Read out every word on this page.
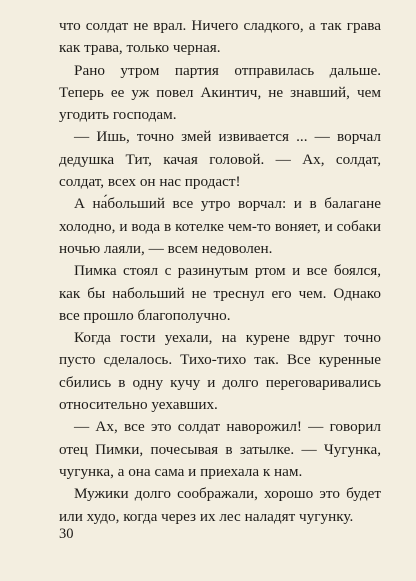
что солдат не врал. Ничего сладкого, а так грава как трава, только черная.

Рано утром партия отправилась дальше. Теперь ее уж повел Акинтич, не знавший, чем угодить господам.

— Ишь, точно змей извивается ... — ворчал дедушка Тит, качая головой. — Ах, солдат, солдат, всех он нас продаст!

А на́больший все утро ворчал: и в балагане холодно, и вода в котелке чем-то воняет, и собаки ночью лаяли, — всем недоволен.

Пимка стоял с разинутым ртом и все боялся, как бы набольший не треснул его чем. Однако все прошло благополучно.

Когда гости уехали, на курене вдруг точно пусто сделалось. Тихо-тихо так. Все куренные сбились в одну кучу и долго переговаривались относительно уехавших.

— Ах, все это солдат наворожил! — говорил отец Пимки, почесывая в затылке. — Чугунка, чугунка, а она сама и приехала к нам.

Мужики долго соображали, хорошо это будет или худо, когда через их лес наладят чугунку.

30
